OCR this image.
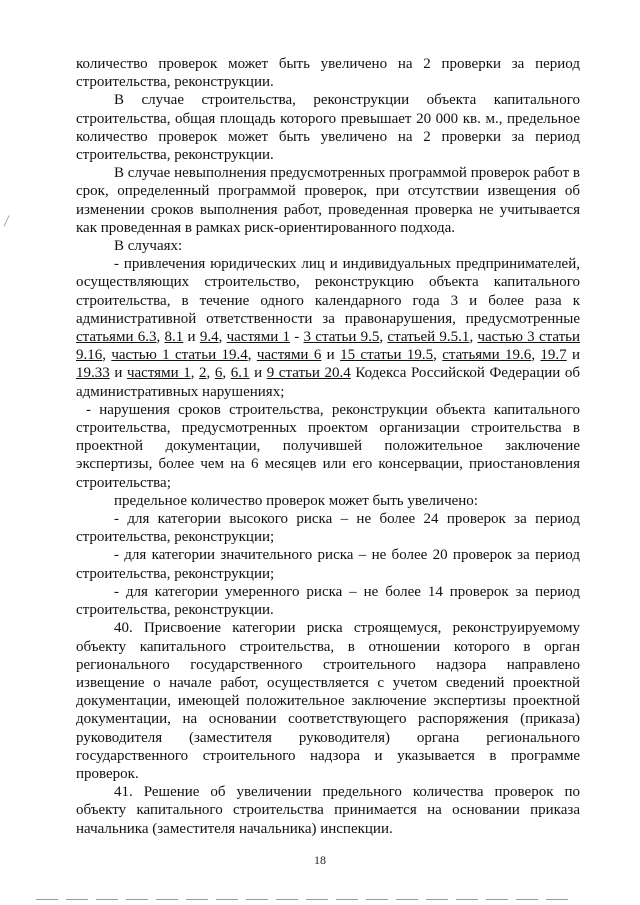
количество проверок может быть увеличено на 2 проверки за период строительства, реконструкции.

В случае строительства, реконструкции объекта капитального строительства, общая площадь которого превышает 20 000 кв. м., предельное количество проверок может быть увеличено на 2 проверки за период строительства, реконструкции.

В случае невыполнения предусмотренных программой проверок работ в срок, определенный программой проверок, при отсутствии извещения об изменении сроков выполнения работ, проведенная проверка не учитывается как проведенная в рамках риск-ориентированного подхода.

В случаях:

- привлечения юридических лиц и индивидуальных предпринимателей, осуществляющих строительство, реконструкцию объекта капитального строительства, в течение одного календарного года 3 и более раза к административной ответственности за правонарушения, предусмотренные статьями 6.3, 8.1 и 9.4, частями 1 - 3 статьи 9.5, статьей 9.5.1, частью 3 статьи 9.16, частью 1 статьи 19.4, частями 6 и 15 статьи 19.5, статьями 19.6, 19.7 и 19.33 и частями 1, 2, 6, 6.1 и 9 статьи 20.4 Кодекса Российской Федерации об административных нарушениях;

- нарушения сроков строительства, реконструкции объекта капитального строительства, предусмотренных проектом организации строительства в проектной документации, получившей положительное заключение экспертизы, более чем на 6 месяцев или его консервации, приостановления строительства;

предельное количество проверок может быть увеличено:

- для категории высокого риска – не более 24 проверок за период строительства, реконструкции;

- для категории значительного риска – не более 20 проверок за период строительства, реконструкции;

- для категории умеренного риска – не более 14 проверок за период строительства, реконструкции.

40. Присвоение категории риска строящемуся, реконструируемому объекту капитального строительства, в отношении которого в орган регионального государственного строительного надзора направлено извещение о начале работ, осуществляется с учетом сведений проектной документации, имеющей положительное заключение экспертизы проектной документации, на основании соответствующего распоряжения (приказа) руководителя (заместителя руководителя) органа регионального государственного строительного надзора и указывается в программе проверок.

41. Решение об увеличении предельного количества проверок по объекту капитального строительства принимается на основании приказа начальника (заместителя начальника) инспекции.

18
